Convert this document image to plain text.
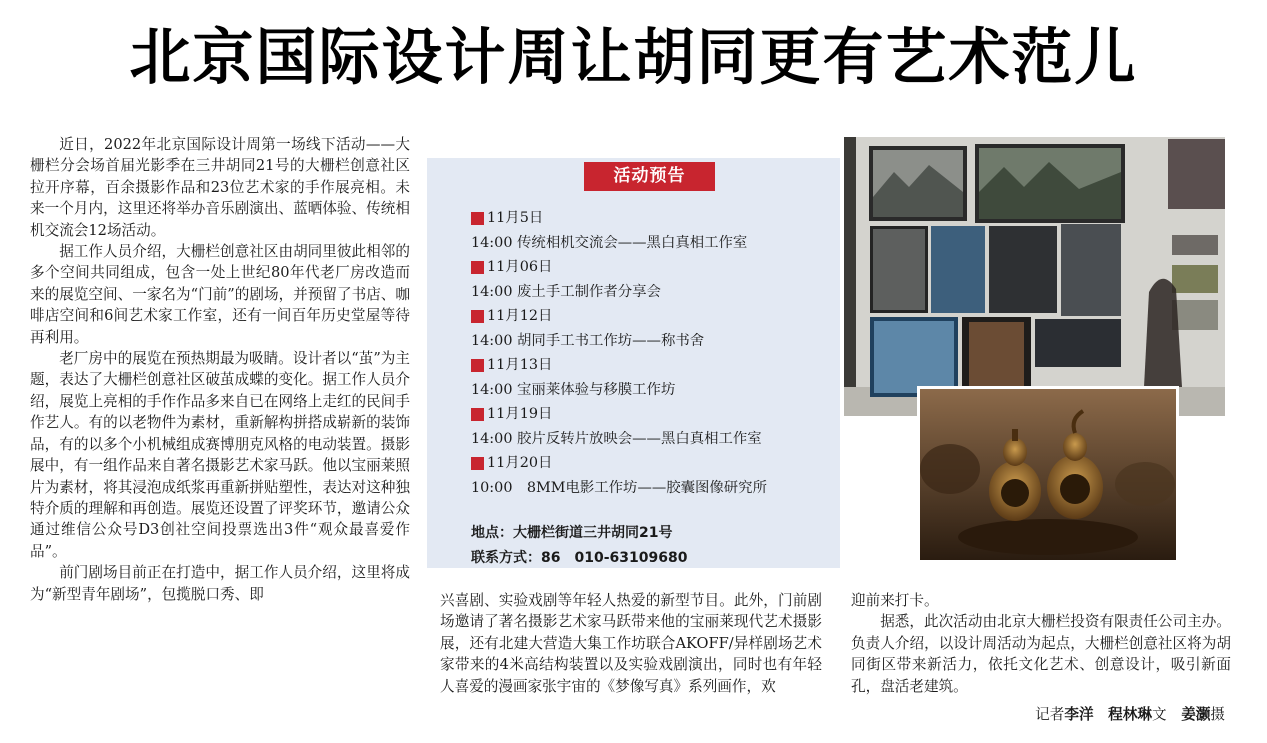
北京国际设计周让胡同更有艺术范儿

近日，2022年北京国际设计周第一场线下活动——大栅栏分会场首届光影季在三井胡同21号的大栅栏创意社区拉开序幕，百余摄影作品和23位艺术家的手作展亮相。未来一个月内，这里还将举办音乐剧演出、蓝晒体验、传统相机交流会12场活动。

据工作人员介绍，大栅栏创意社区由胡同里彼此相邻的多个空间共同组成，包含一处上世纪80年代老厂房改造而来的展览空间、一家名为“门前”的剧场，并预留了书店、咖啡店空间和6间艺术家工作室，还有一间百年历史堂屋等待再利用。

老厂房中的展览在预热期最为吸睛。设计者以“茧”为主题，表达了大栅栏创意社区破茧成蝶的变化。据工作人员介绍，展览上亮相的手作作品多来自已在网络上走红的民间手作艺人。有的以老物件为素材，重新解构拼搭成崭新的装饰品，有的以多个小机械组成赛博朋克风格的电动装置。摄影展中，有一组作品来自著名摄影艺术家马跃。他以宝丽莱照片为素材，将其浸泡成纸浆再重新拼贴塑性，表达对这种独特介质的理解和再创造。展览还设置了评奖环节，邀请公众通过维信公众号D3创社空间投票选出3件“观众最喜爱作品”。

前门剧场目前正在打造中，据工作人员介绍，这里将成为“新型青年剧场”，包揽脱口秀、即

活动预告
11月5日
14:00 传统相机交流会——黑白真相工作室
11月06日
14:00 废土手工制作者分享会
11月12日
14:00 胡同手工书工作坊——称书舍
11月13日
14:00 宝丽莱体验与移膜工作坊
11月19日
14:00 胶片反转片放映会——黑白真相工作室
11月20日
10:00　8MM电影工作坊——胶囊图像研究所
地点：大栅栏街道三井胡同21号
联系方式：86　010-63109680

兴喜剧、实验戏剧等年轻人热爱的新型节目。此外，门前剧场邀请了著名摄影艺术家马跃带来他的宝丽莱现代艺术摄影展，还有北建大营造大集工作坊联合AKOFF/异样剧场艺术家带来的4米高结构装置以及实验戏剧演出，同时也有年轻人喜爱的漫画家张宇宙的《梦像写真》系列画作，欢

迎前来打卡。

据悉，此次活动由北京大栅栏投资有限责任公司主办。负责人介绍，以设计周活动为起点，大栅栏创意社区将为胡同街区带来新活力，依托文化艺术、创意设计，吸引新面孔，盘活老建筑。

记者李洋　 程林琳文　 姜灏摄
